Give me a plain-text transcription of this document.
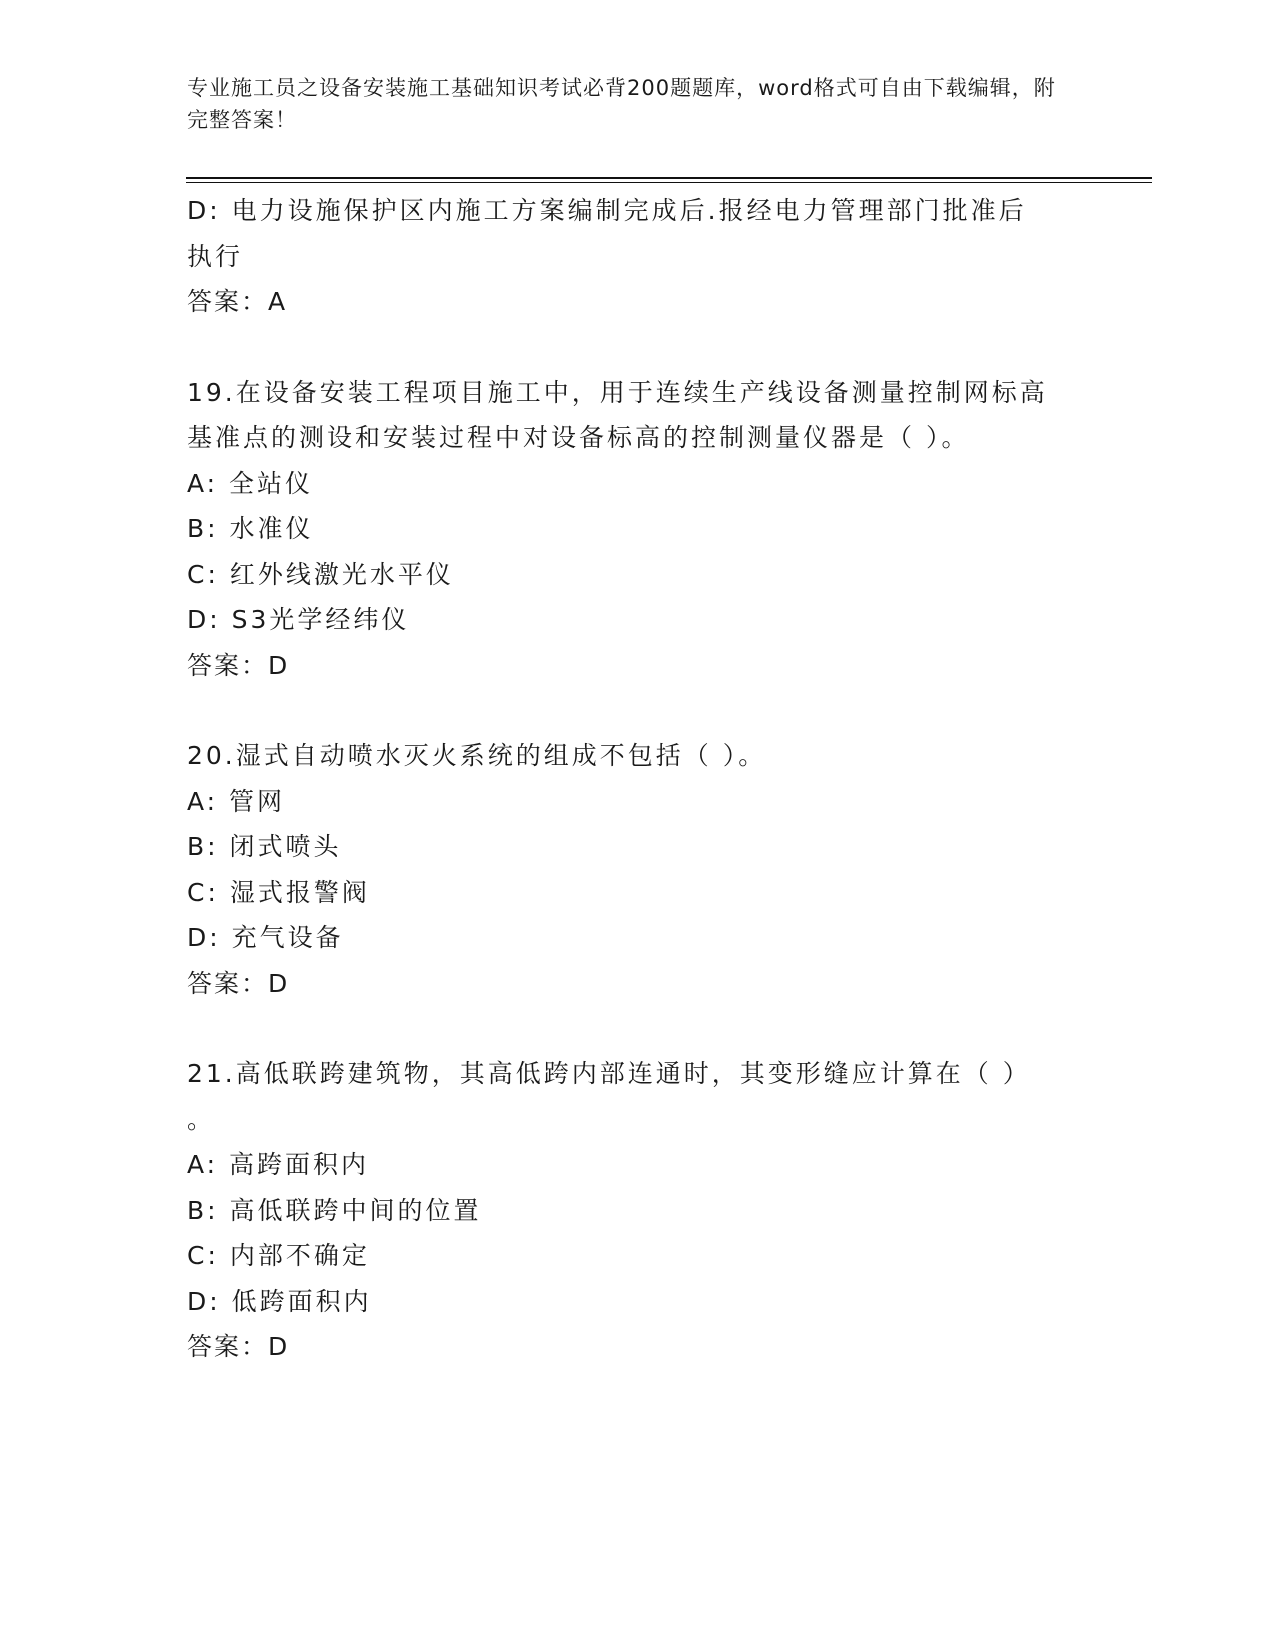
专业施工员之设备安装施工基础知识考试必背200题题库，word格式可自由下载编辑，附完整答案！
D: 电力设施保护区内施工方案编制完成后.报经电力管理部门批准后
执行
答案：A
19.在设备安装工程项目施工中，用于连续生产线设备测量控制网标高
基准点的测设和安装过程中对设备标高的控制测量仪器是（ ）。
A: 全站仪
B: 水准仪
C: 红外线激光水平仪
D: S3光学经纬仪
答案：D
20.湿式自动喷水灭火系统的组成不包括（ ）。
A: 管网
B: 闭式喷头
C: 湿式报警阀
D: 充气设备
答案：D
21.高低联跨建筑物，其高低跨内部连通时，其变形缝应计算在（ ）
。
A: 高跨面积内
B: 高低联跨中间的位置
C: 内部不确定
D: 低跨面积内
答案：D
